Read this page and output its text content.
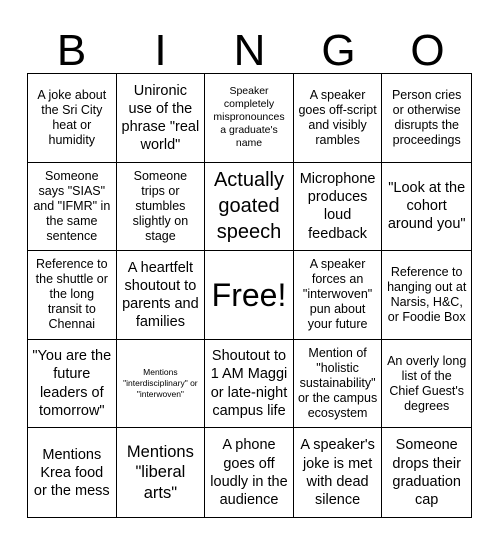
B	I	N	G	O
A joke about the Sri City heat or humidity
Unironic use of the phrase "real world"
Speaker completely mispronounces a graduate's name
A speaker goes off-script and visibly rambles
Person cries or otherwise disrupts the proceedings
Someone says "SIAS" and "IFMR" in the same sentence
Someone trips or stumbles slightly on stage
Actually goated speech
Microphone produces loud feedback
"Look at the cohort around you"
Reference to the shuttle or the long transit to Chennai
A heartfelt shoutout to parents and families
Free!
A speaker forces an "interwoven" pun about your future
Reference to hanging out at Narsis, H&C, or Foodie Box
"You are the future leaders of tomorrow"
Mentions "interdisciplinary" or "interwoven"
Shoutout to 1 AM Maggi or late-night campus life
Mention of "holistic sustainability" or the campus ecosystem
An overly long list of the Chief Guest's degrees
Mentions Krea food or the mess
Mentions "liberal arts"
A phone goes off loudly in the audience
A speaker's joke is met with dead silence
Someone drops their graduation cap
